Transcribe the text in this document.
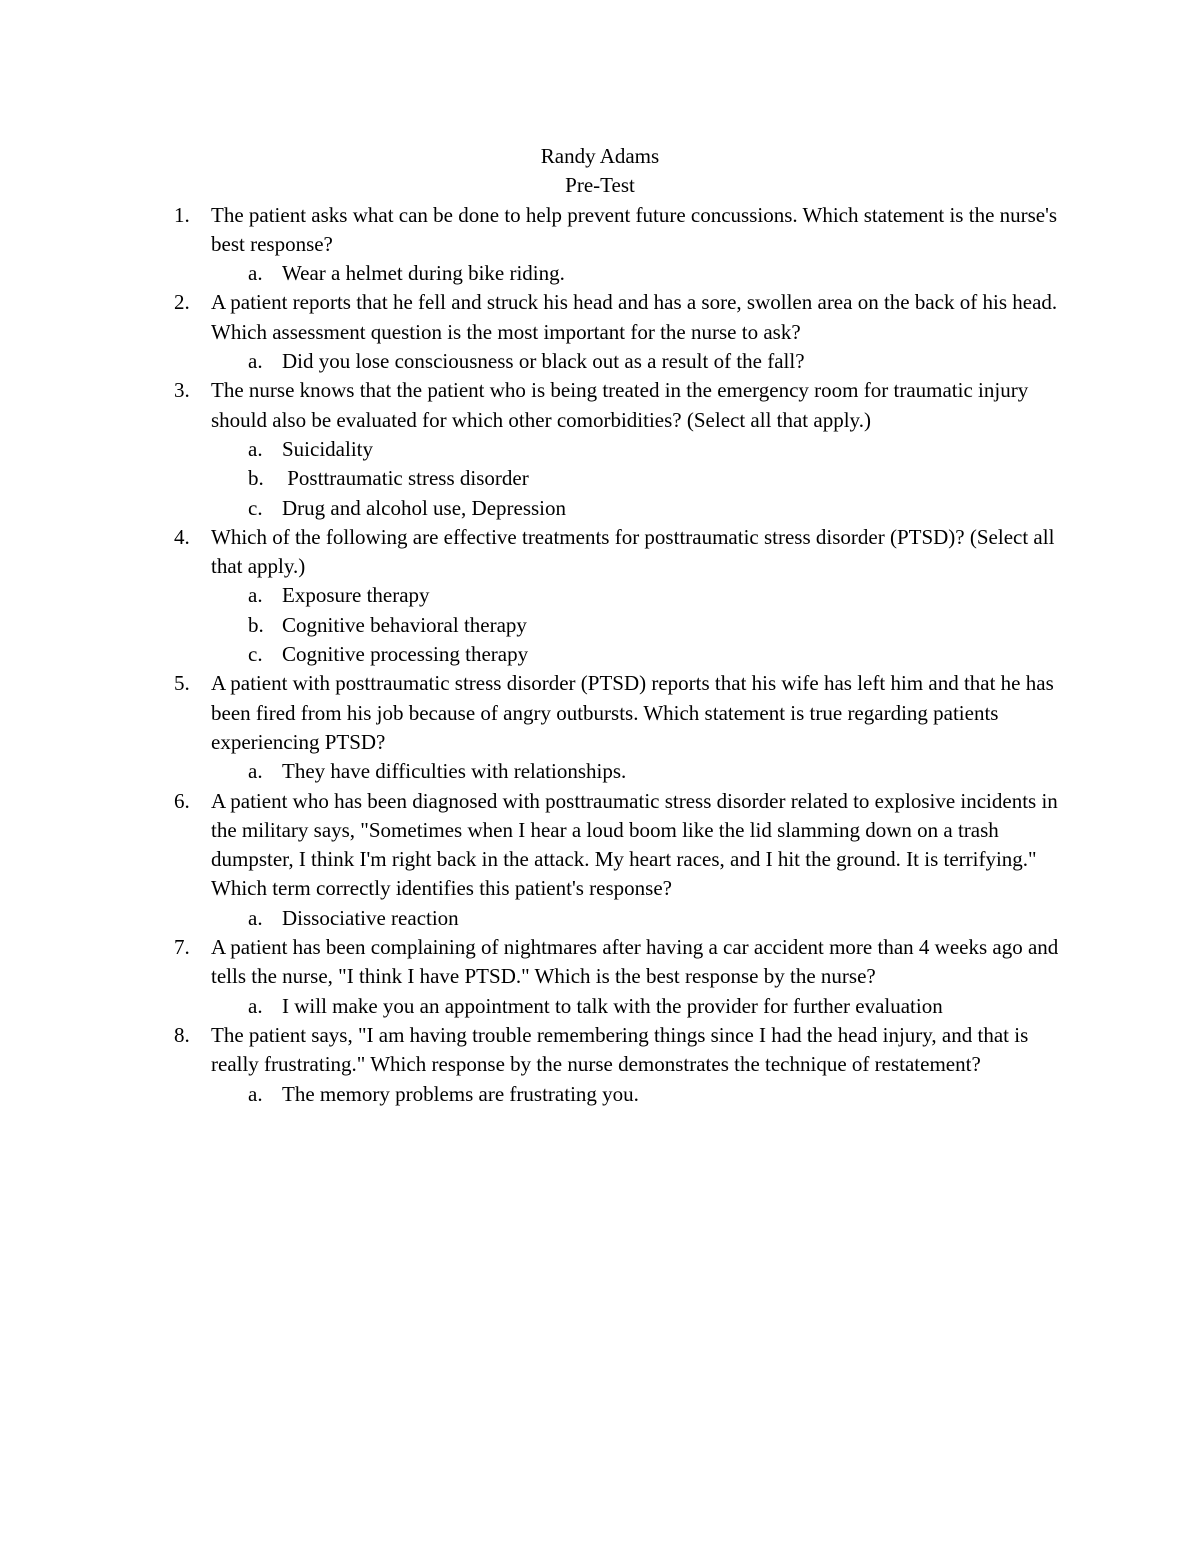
Randy Adams
Pre-Test
1.	The patient asks what can be done to help prevent future concussions. Which statement is the nurse's best response?
a. Wear a helmet during bike riding.
2.	A patient reports that he fell and struck his head and has a sore, swollen area on the back of his head. Which assessment question is the most important for the nurse to ask?
a. Did you lose consciousness or black out as a result of the fall?
3.	The nurse knows that the patient who is being treated in the emergency room for traumatic injury should also be evaluated for which other comorbidities? (Select all that apply.)
a. Suicidality
b. Posttraumatic stress disorder
c. Drug and alcohol use, Depression
4.	Which of the following are effective treatments for posttraumatic stress disorder (PTSD)? (Select all that apply.)
a. Exposure therapy
b. Cognitive behavioral therapy
c. Cognitive processing therapy
5.	A patient with posttraumatic stress disorder (PTSD) reports that his wife has left him and that he has been fired from his job because of angry outbursts. Which statement is true regarding patients experiencing PTSD?
a. They have difficulties with relationships.
6.	A patient who has been diagnosed with posttraumatic stress disorder related to explosive incidents in the military says, "Sometimes when I hear a loud boom like the lid slamming down on a trash dumpster, I think I'm right back in the attack. My heart races, and I hit the ground. It is terrifying." Which term correctly identifies this patient's response?
a. Dissociative reaction
7.	A patient has been complaining of nightmares after having a car accident more than 4 weeks ago and tells the nurse, "I think I have PTSD." Which is the best response by the nurse?
a. I will make you an appointment to talk with the provider for further evaluation
8.	The patient says, "I am having trouble remembering things since I had the head injury, and that is really frustrating." Which response by the nurse demonstrates the technique of restatement?
a. The memory problems are frustrating you.
